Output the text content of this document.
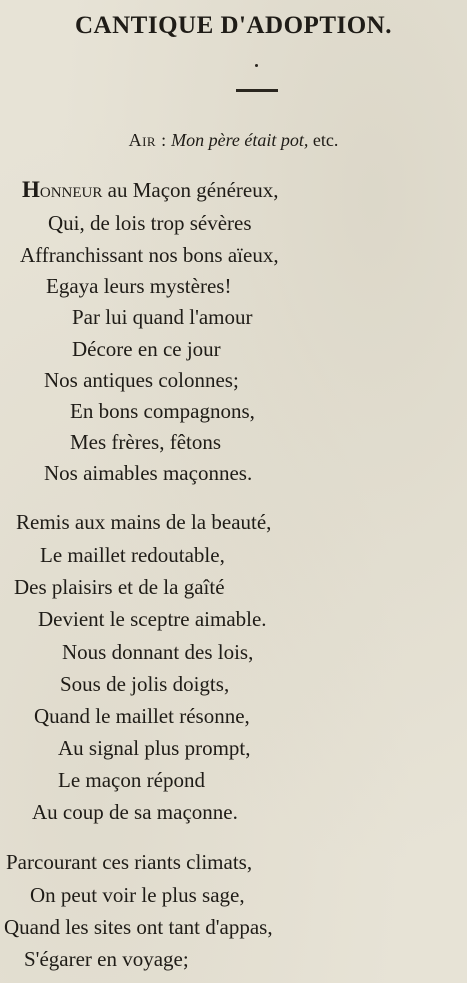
CANTIQUE D'ADOPTION.
Air : Mon père était pot, etc.
Honneur au Maçon généreux,
Qui, de lois trop sévères
Affranchissant nos bons aïeux,
Egaya leurs mystères!
Par lui quand l'amour
Décore en ce jour
Nos antiques colonnes;
En bons compagnons,
Mes frères, fêtons
Nos aimables maçonnes.
Remis aux mains de la beauté,
Le maillet redoutable,
Des plaisirs et de la gaîté
Devient le sceptre aimable.
Nous donnant des lois,
Sous de jolis doigts,
Quand le maillet résonne,
Au signal plus prompt,
Le maçon répond
Au coup de sa maçonne.
Parcourant ces riants climats,
On peut voir le plus sage,
Quand les sites ont tant d'appas,
S'égarer en voyage;
